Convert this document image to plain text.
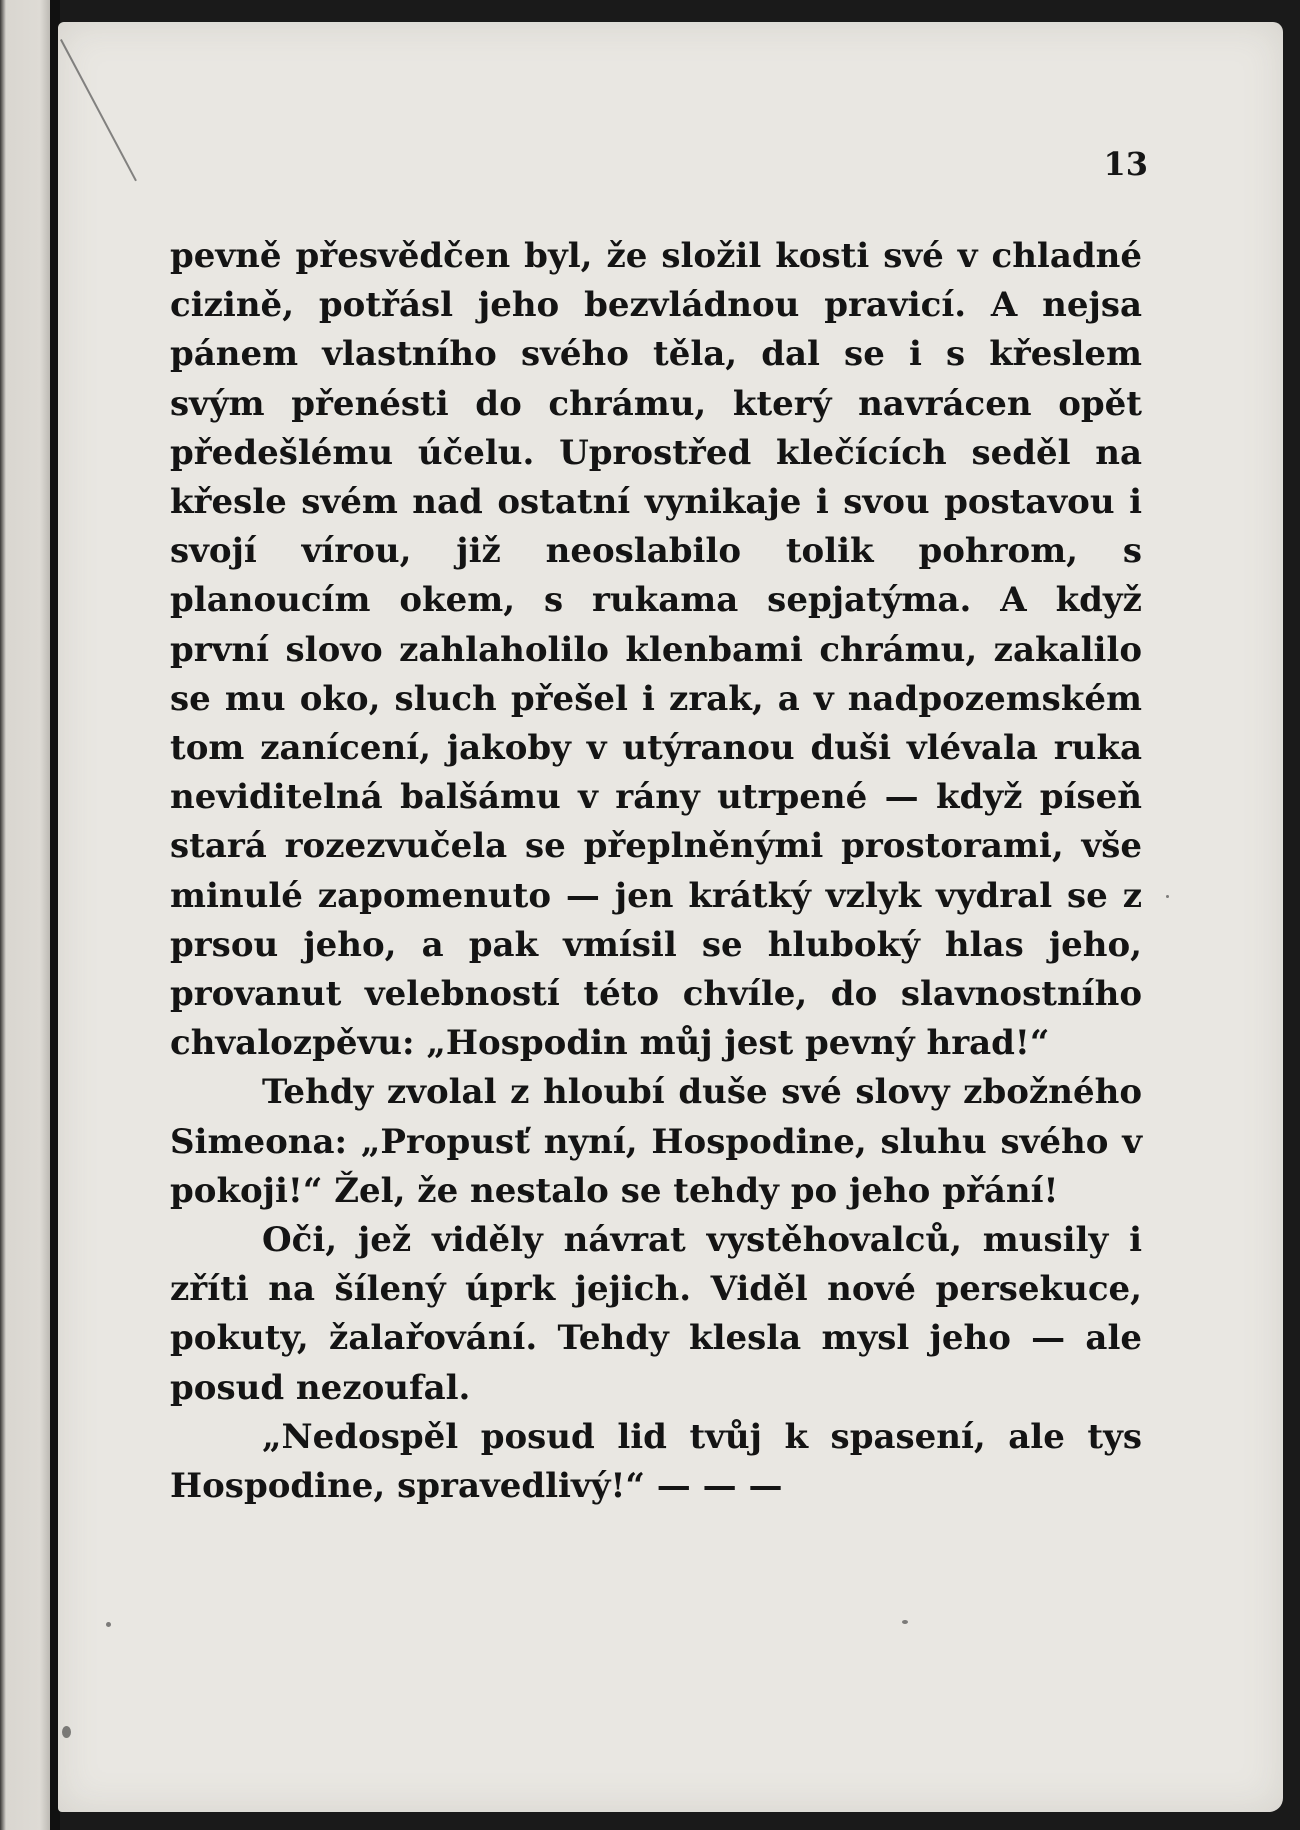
13

pevně přesvědčen byl, že složil kosti své v chladné cizině, potřásl jeho bezvládnou pravicí. A nejsa pánem vlastního svého těla, dal se i s křeslem svým přenésti do chrámu, který navrácen opět předešlému účelu. Uprostřed klečících seděl na křesle svém nad ostatní vynikaje i svou postavou i svojí vírou, již neoslabilo tolik pohrom, s planoucím okem, s rukama sepjatýma. A když první slovo zahlaholilo klenbami chrámu, zakalilo se mu oko, sluch přešel i zrak, a v nadpozemském tom zanícení, jakoby v utýranou duši vlévala ruka neviditelná balšámu v rány utrpené — když píseň stará rozezvučela se přeplněnými prostorami, vše minulé zapomenuto — jen krátký vzlyk vydral se z prsou jeho, a pak vmísil se hluboký hlas jeho, provanut velebností této chvíle, do slavnostního chvalozpěvu: „Hospodin můj jest pevný hrad!“

Tehdy zvolal z hloubí duše své slovy zbožného Simeona: „Propusť nyní, Hospodine, sluhu svého v pokoji!“ Žel, že nestalo se tehdy po jeho přání!

Oči, jež viděly návrat vystěhovalců, musily i zříti na šílený úprk jejich. Viděl nové persekuce, pokuty, žalařování. Tehdy klesla mysl jeho — ale posud nezoufal.

„Nedospěl posud lid tvůj k spasení, ale tys Hospodine, spravedlivý!“ — — —
